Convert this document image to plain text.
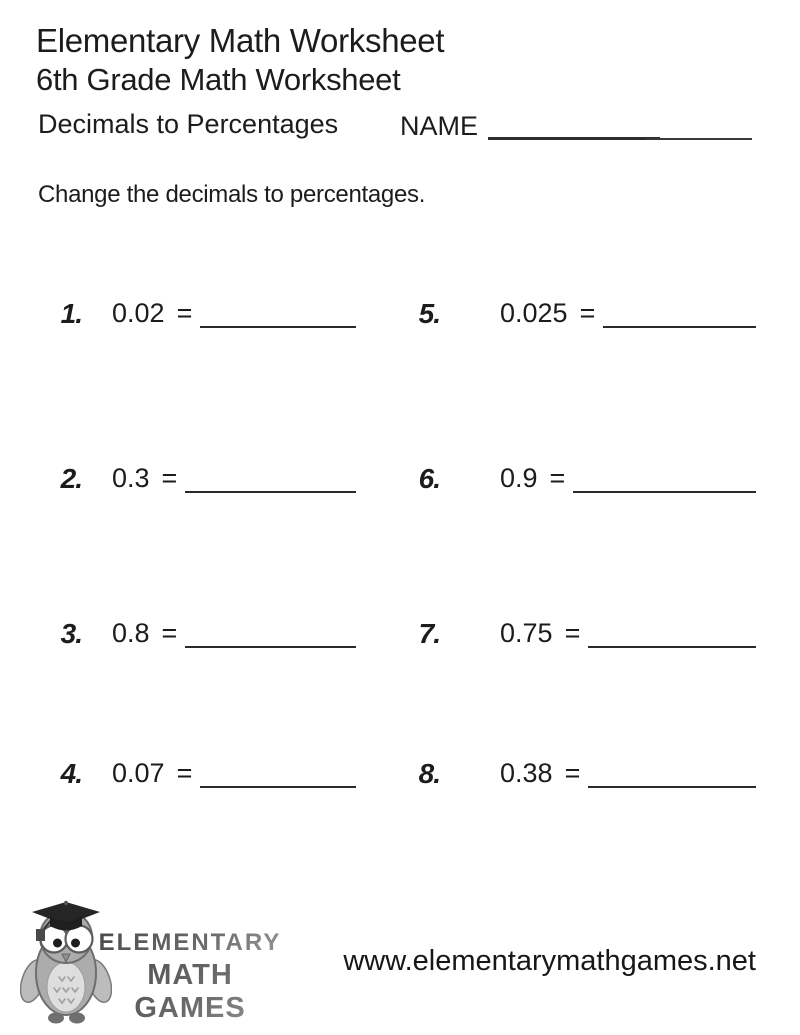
Elementary Math Worksheet
6th Grade Math Worksheet
Decimals to Percentages NAME
Change the decimals to percentages.
1. 0.02 =	5. 0.025 =
2. 0.3 =	6. 0.9 =
3. 0.8 =	7. 0.75 =
4. 0.07 =	8. 0.38 =
ELEMENTARY
MATH GAMES
www.elementarymathgames.net
